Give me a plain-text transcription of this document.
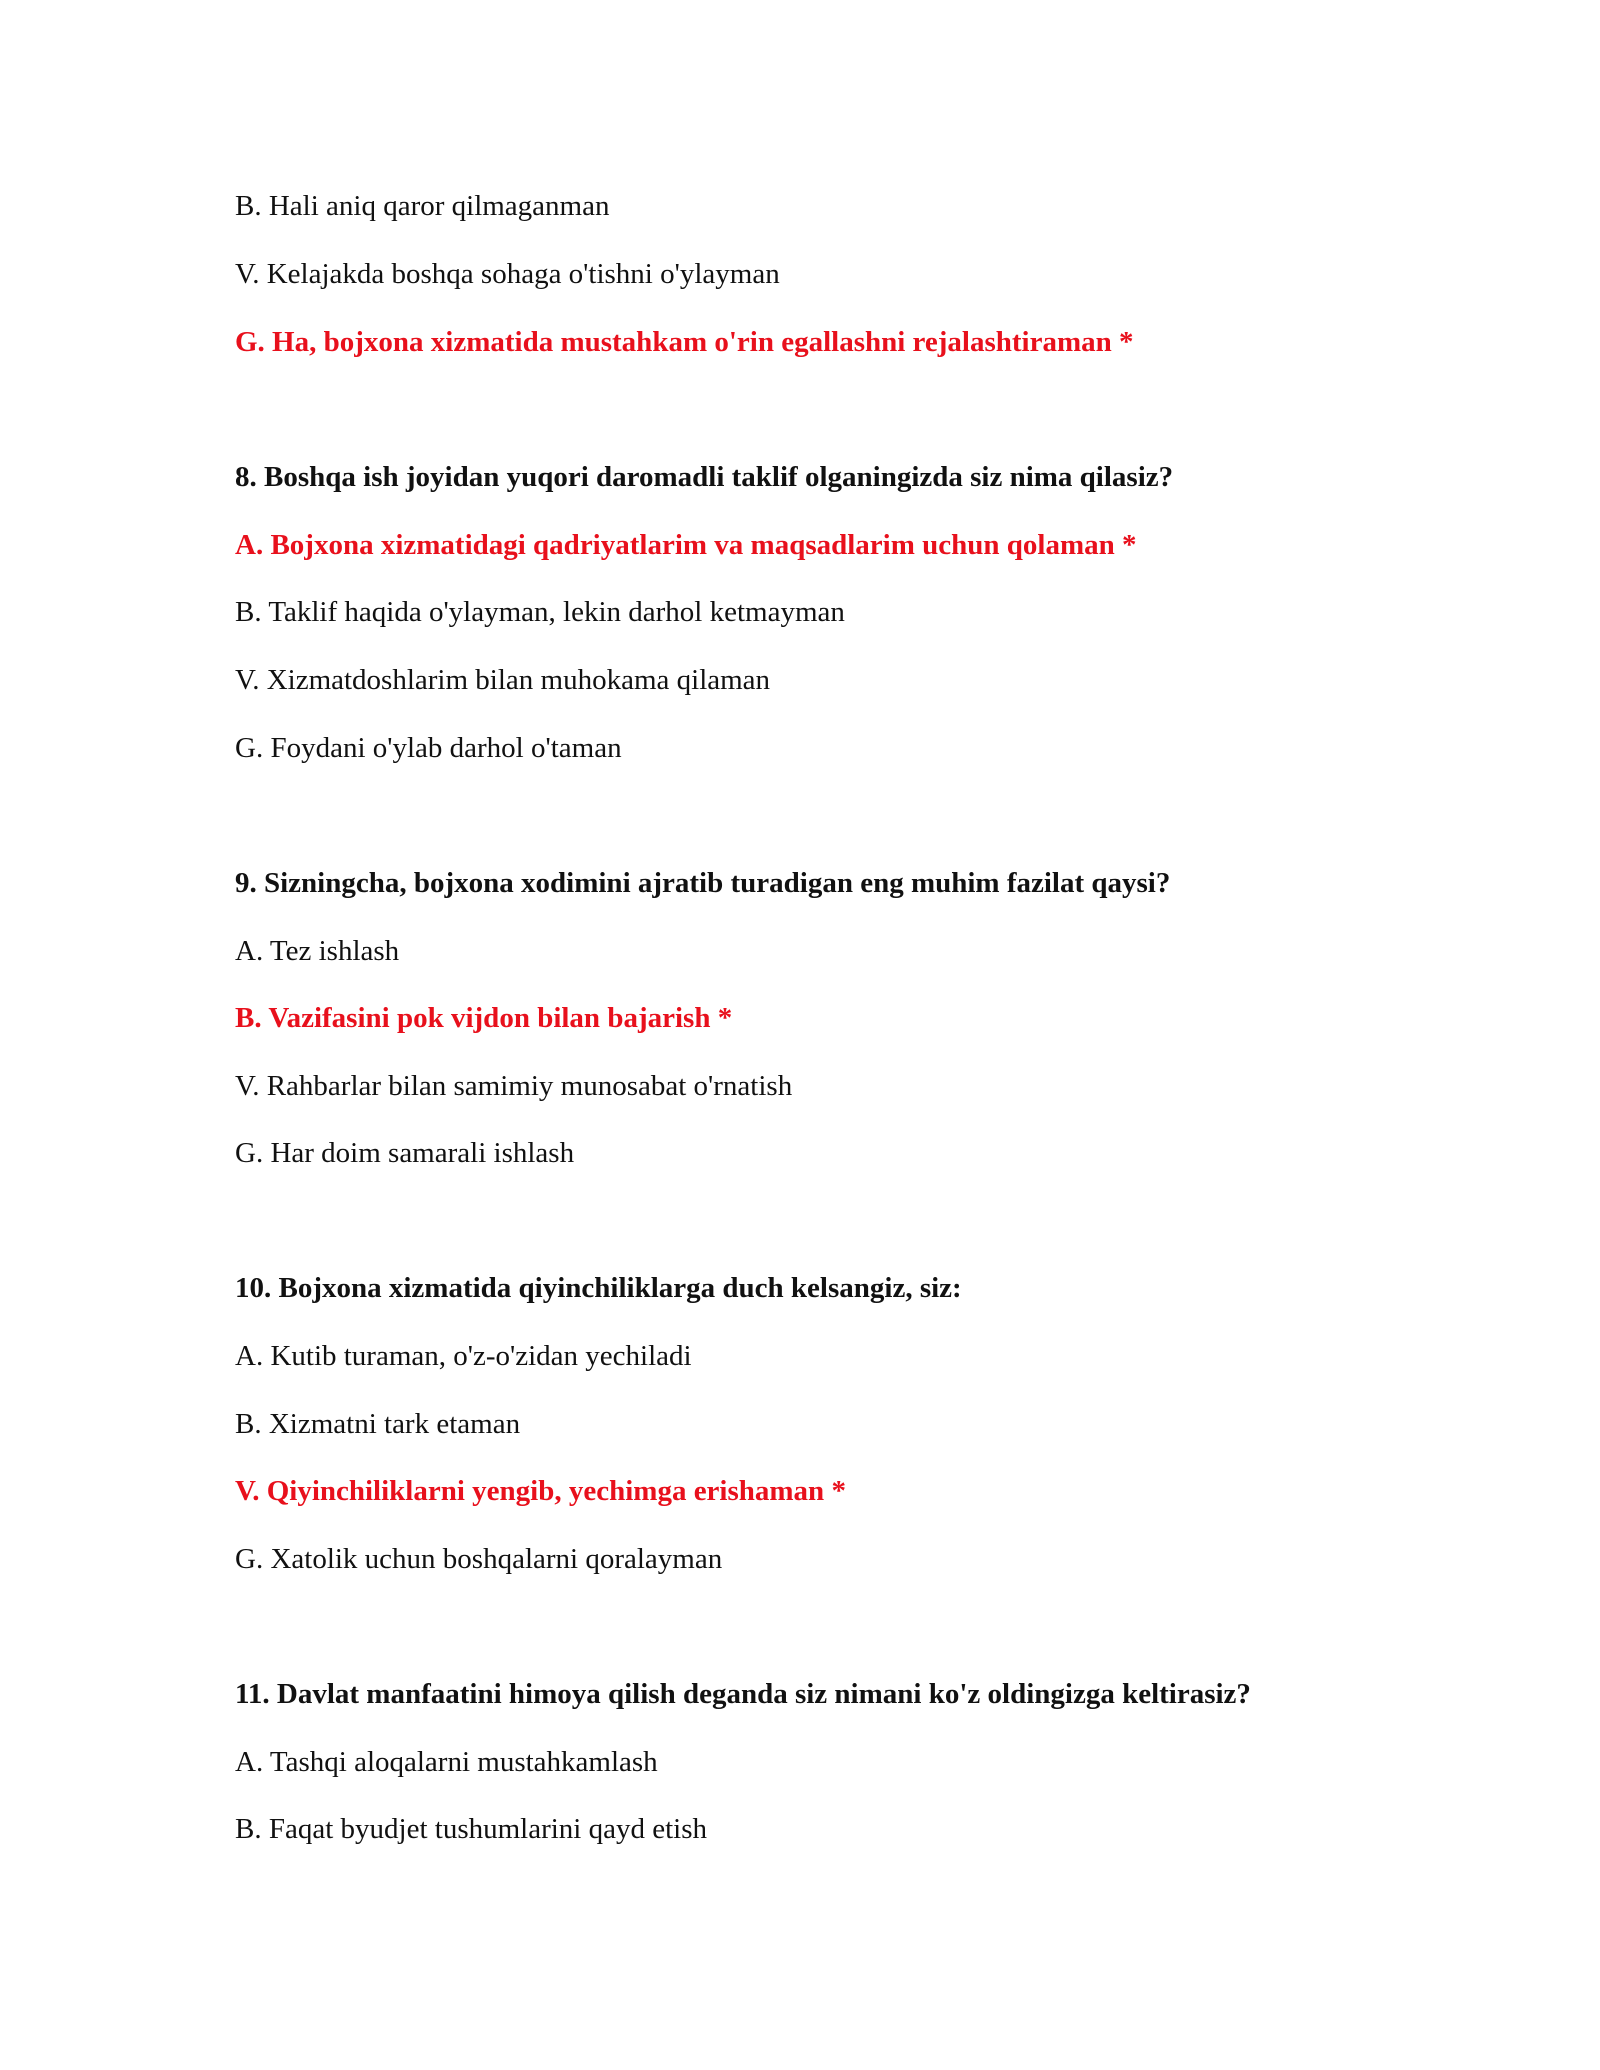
B. Hali aniq qaror qilmaganman
V. Kelajakda boshqa sohaga o'tishni o'ylayman
G. Ha, bojxona xizmatida mustahkam o'rin egallashni rejalashtiraman *
8. Boshqa ish joyidan yuqori daromadli taklif olganingizda siz nima qilasiz?
A. Bojxona xizmatidagi qadriyatlarim va maqsadlarim uchun qolaman *
B. Taklif haqida o'ylayman, lekin darhol ketmayman
V. Xizmatdoshlarim bilan muhokama qilaman
G. Foydani o'ylab darhol o'taman
9. Sizningcha, bojxona xodimini ajratib turadigan eng muhim fazilat qaysi?
A. Tez ishlash
B. Vazifasini pok vijdon bilan bajarish *
V. Rahbarlar bilan samimiy munosabat o'rnatish
G. Har doim samarali ishlash
10. Bojxona xizmatida qiyinchiliklarga duch kelsangiz, siz:
A. Kutib turaman, o'z-o'zidan yechiladi
B. Xizmatni tark etaman
V. Qiyinchiliklarni yengib, yechimga erishaman *
G. Xatolik uchun boshqalarni qoralayman
11. Davlat manfaatini himoya qilish deganda siz nimani ko'z oldingizga keltirasiz?
A. Tashqi aloqalarni mustahkamlash
B. Faqat byudjet tushumlarini qayd etish
